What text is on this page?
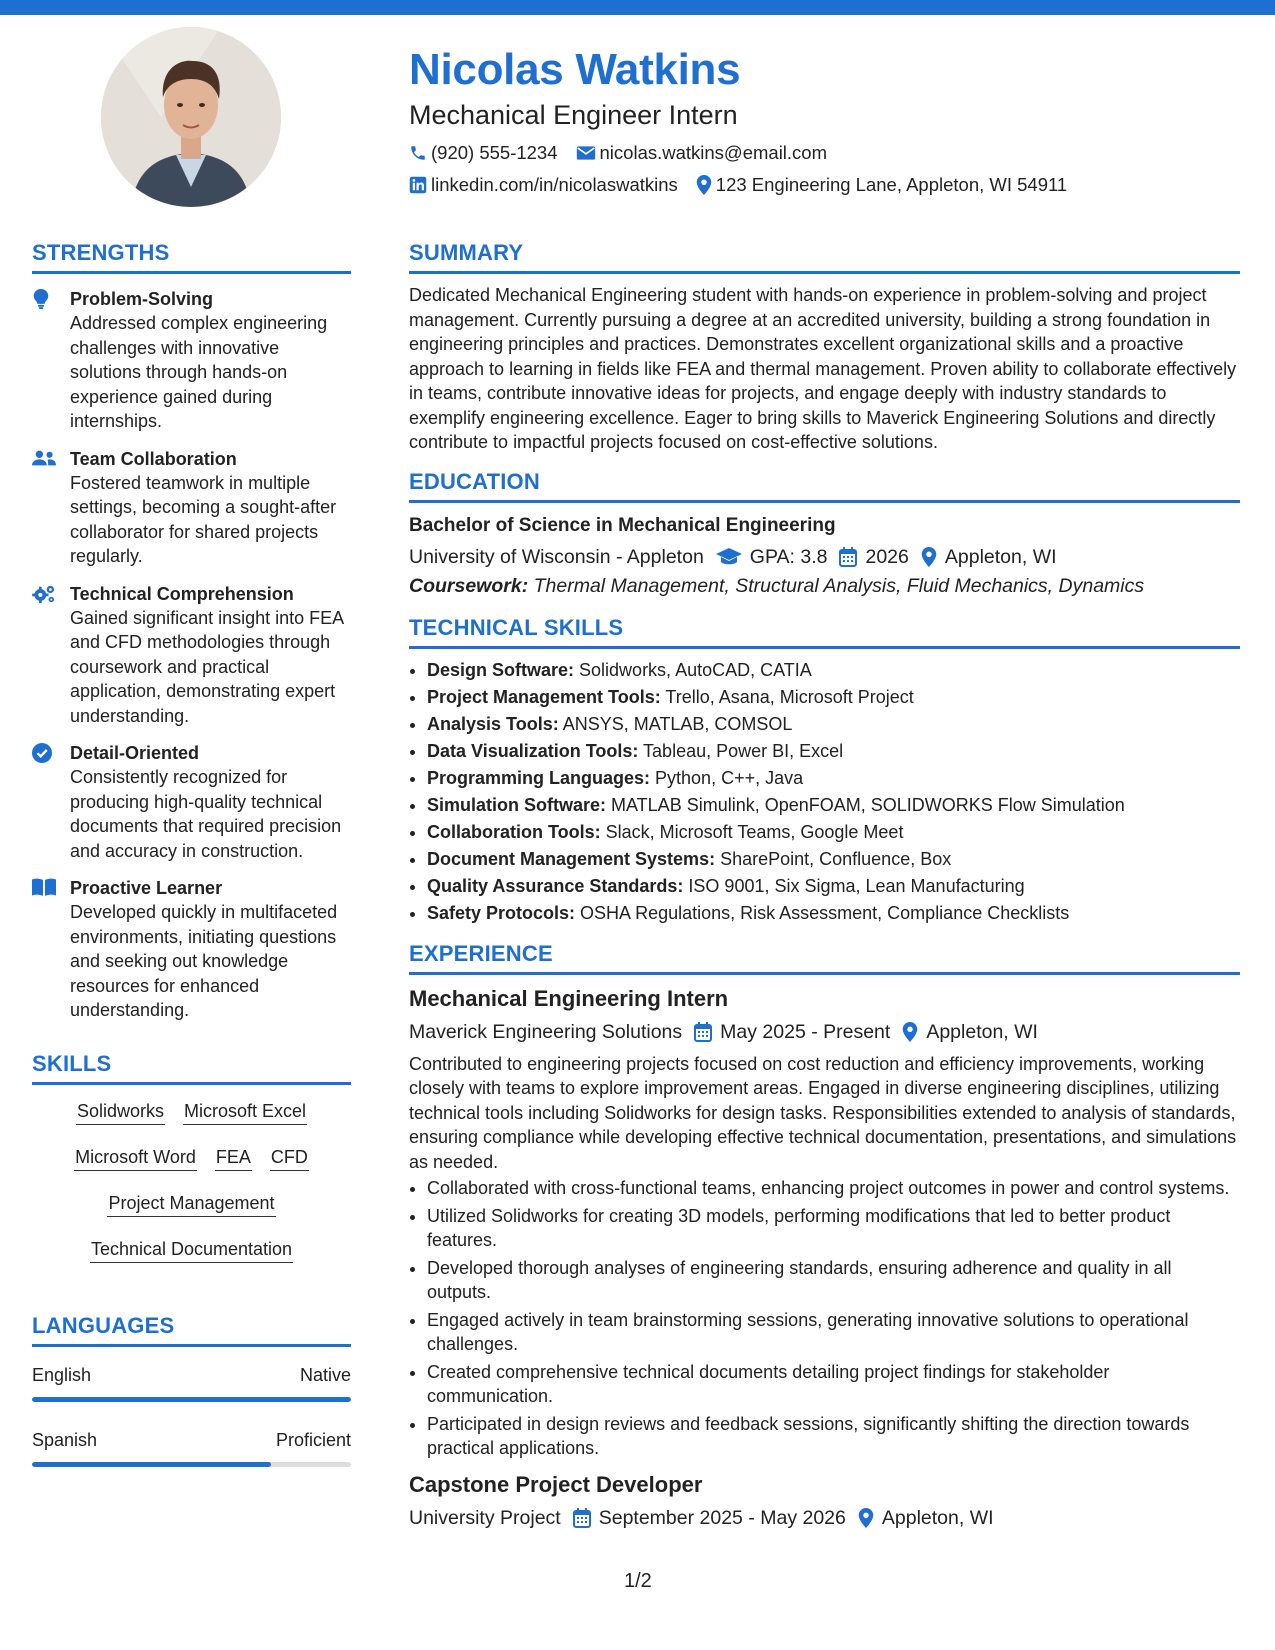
Nicolas Watkins
Mechanical Engineer Intern
(920) 555-1234 nicolas.watkins@email.com
linkedin.com/in/nicolaswatkins 123 Engineering Lane, Appleton, WI 54911
STRENGTHS
Problem-Solving
Addressed complex engineering challenges with innovative solutions through hands-on experience gained during internships.
Team Collaboration
Fostered teamwork in multiple settings, becoming a sought-after collaborator for shared projects regularly.
Technical Comprehension
Gained significant insight into FEA and CFD methodologies through coursework and practical application, demonstrating expert understanding.
Detail-Oriented
Consistently recognized for producing high-quality technical documents that required precision and accuracy in construction.
Proactive Learner
Developed quickly in multifaceted environments, initiating questions and seeking out knowledge resources for enhanced understanding.
SKILLS
Solidworks Microsoft Excel
Microsoft Word FEA CFD
Project Management
Technical Documentation
LANGUAGES
English	Native
Spanish	Proficient
SUMMARY

Dedicated Mechanical Engineering student with hands-on experience in problem-solving and project management. Currently pursuing a degree at an accredited university, building a strong foundation in engineering principles and practices. Demonstrates excellent organizational skills and a proactive approach to learning in fields like FEA and thermal management. Proven ability to collaborate effectively in teams, contribute innovative ideas for projects, and engage deeply with industry standards to exemplify engineering excellence. Eager to bring skills to Maverick Engineering Solutions and directly contribute to impactful projects focused on cost-effective solutions.

EDUCATION
Bachelor of Science in Mechanical Engineering
University of Wisconsin - Appleton GPA: 3.8 2026 Appleton, WI
Coursework: Thermal Management, Structural Analysis, Fluid Mechanics, Dynamics
TECHNICAL SKILLS
• Design Software: Solidworks, AutoCAD, CATIA
• Project Management Tools: Trello, Asana, Microsoft Project
• Analysis Tools: ANSYS, MATLAB, COMSOL
• Data Visualization Tools: Tableau, Power BI, Excel
• Programming Languages: Python, C++, Java
• Simulation Software: MATLAB Simulink, OpenFOAM, SOLIDWORKS Flow Simulation
• Collaboration Tools: Slack, Microsoft Teams, Google Meet
• Document Management Systems: SharePoint, Confluence, Box
• Quality Assurance Standards: ISO 9001, Six Sigma, Lean Manufacturing
• Safety Protocols: OSHA Regulations, Risk Assessment, Compliance Checklists
EXPERIENCE
Mechanical Engineering Intern
Maverick Engineering Solutions May 2025 - Present Appleton, WI

Contributed to engineering projects focused on cost reduction and efficiency improvements, working closely with teams to explore improvement areas. Engaged in diverse engineering disciplines, utilizing technical tools including Solidworks for design tasks. Responsibilities extended to analysis of standards, ensuring compliance while developing effective technical documentation, presentations, and simulations as needed.

• Collaborated with cross-functional teams, enhancing project outcomes in power and control systems.
• Utilized Solidworks for creating 3D models, performing modifications that led to better product features.
• Developed thorough analyses of engineering standards, ensuring adherence and quality in all outputs.
• Engaged actively in team brainstorming sessions, generating innovative solutions to operational challenges.
• Created comprehensive technical documents detailing project findings for stakeholder communication.
• Participated in design reviews and feedback sessions, significantly shifting the direction towards practical applications.
Capstone Project Developer
University Project September 2025 - May 2026 Appleton, WI
1/2
